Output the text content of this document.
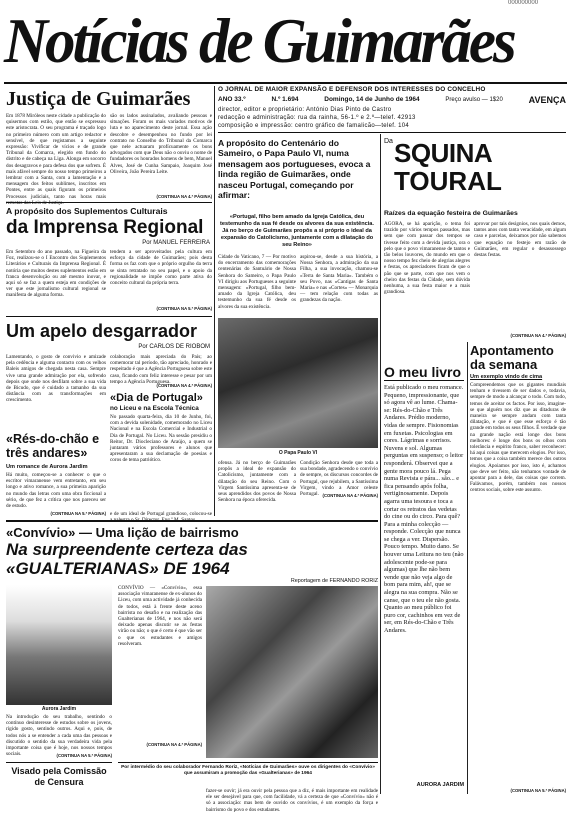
000000000
Notícias de Guimarães
Justiça de Guimarães
Em 1878 Miróleos neste cidade a publicação do quisermos com estilo, que então se expressou este aristocrata. O seu programa é traçado logo no primeiro número com um artigo redactor e sensível, de que registamos a seguinte expressão: Vivificar de vícios e de grande Tribunal da Comarca, elegido em fundo do distrito e de cabeça na Liga. Alonga em socorro dos desagravos e para defesa dos que sofrem. É mais afável sempre do nosso tempo primeiros a lembrar com a Santa, com a lamentação e a mensagem dos feitos sublimes, inscritos em Pontes, entre as quais figuram os primeiros Processos judiciais, tanto nas horas mais
são os lados assinalados, avaliando pessoas e situações. Foram os mais variados motivos de luta e no aparecimento deste jornal. Essa ação descobre e desempenhou no fundo por lei contrato no Conselho do Tribunal da Comarca que nele actuaram profícuamente os bons advogados com que Deus não o ouviu o nome de fundadores os honrados homens de bem, Manuel Alves, José de Cunha Sampaio, Joaquim José Oliveira, João Pereira Leite.
(CONTINUA NA 4.ª PÁGINA)
O JORNAL DE MAIOR EXPANSÃO E DEFENSOR DOS INTERESSES DO CONCELHO
ANO 33.º	N.º 1.694	Domingo, 14 de Junho de 1964	Preço avulso — 1$20	AVENÇA
director, editor e proprietário: António Dias Pinto de Castro
redacção e administração: rua da rainha, 56-1.º e 2.º—telef. 42913
composição e impressão: centro gráfico de famalicão—telef. 104
A propósito do Centenário do Sameiro, o Papa Paulo VI, numa mensagem aos portugueses, evoca a linda região de Guimarães, onde nasceu Portugal, começando por afirmar:
«Portugal, filho bem amado da Igreja Católica, deu testemunho da sua fé desde os alvores da sua existência. Já no berço de Guimarães propôs a si próprio o ideal da expansão do Catolicismo, juntamente com a dilatação do seu Reino»
Da SQUINA
TOURAL
Raízes da equação festeira de Guimarães
AGORA, se há aparição, o tema foi trazido por vários tempos passados, mas sem que com passar dos tempos se tivesse feito com a devida justiça, ora o pelo que o povo vimaranense de tantos e tão belos louvores, do mundo em que o nosso tempo fez cheio de alegrias alegres e festas, os apreciadores ficam de que o pão que se parte, com que nos vem o cheiro das festas da Cidade, sem dúvida nenhuma, a sua festa maior e a mais grandiosa.
aprovar por tais designios, nos quais demos, tantos anos com tanta veracidade, em algum caso e parcelas, deixamos por não sabemos que equação no festejo em razão de Guimarães, em regular o desassossego destas festas.
(CONTINUA NA 4.ª PÁGINA)
A propósito dos Suplementos Culturais
da Imprensa Regional
Por MANUEL FERREIRA
Em Setembro do ano passado, na Figueira da Foz, realizou-se o I Encontro dos Suplementos Literários e Culturais da Imprensa Regional. É notória que muitos destes suplementos estão em franca desenvolução ou até mesmo inovar, e aqui só se faz a quem esteja em condições de ver que este jornalismo cultural regional se manifesta de alguma forma.
tendem a ser aproveitados pela cultura em esforço da cidade de Guimarães; pois desta forma os faz com que o próprio orgulho da terra se sinta retratado no seu papel, e o apoio da regionalidade se impõe como parte ativa do conceito cultural da própria terra.
(CONTINUA NA 5.ª PÁGINA)
Cidade do Vaticano, 7 — Por motivo do encerramento das comemorações centenárias do Santuário de Nossa Senhora do Sameiro, o Papa Paulo VI dirigiu aos Portugueses a seguinte mensagem: «Portugal, filho bem-amado da Igreja Católica, deu testemunho da sua fé desde os alvores da sua existência.
aspirou-se, desde a sua história, a Nossa Senhora, a admiração da sua Filha, a sua invocação, chamou-se «Terra de Santa Maria». Também o seu Povo, nas «Cantigas de Santa Maria» e nas «Cortes» — Monarquia — tem relação com todas as grandezas da nação.
O Papa Paulo VI
Um apelo desgarrador
Por CARLOS DE RIOBOM
Lamentando, o gosto de convivio e amizade pela cedência e alguma contacto com os velhos Baleis amigos de chegada nesta casa. Sempre vive uma grande admiração por ela, sofrendo depois que onde nos desfilam sobre a sua vida de Bicudo, que é cuidado a tamanho da sua distância com as transformações em crescimento.
colaboração mais apreciada do País; ao comemorar tal período, tão apreciado, honrado e respeitado é que a Agência Portuguesa sobre este caso, ficando com feliz interesse e pesar por um tempo a Agência Portuguesa.
(CONTINUA NA 4.ª PÁGINA)
«Dia de Portugal»
no Liceu e na Escola Técnica
No passado quarta-feira, dia 10 de Junho, foi, com a devida solenidade, comemorado no Liceu Nacional e na Escola Comercial e Industrial o Dia de Portugal. No Liceu. Na sessão presidiu o Reitor, Dr. Diocleciano de Araújo, a quem se juntaram vários professores e alunos que apresentaram a sua declamação de poesias e coros de tema patriótico.	ofensa. Já no berço de Guimarães propôs a ideal de expansão do Catolicismo, juntamente com a dilatação do seu Reino. Com o Virgem Santíssima apresenta-se de seus aprendidos dos povos de Nossa Senhora na época oferecida.
Condição Senhora desde que toda a sua bondade, agradecendo o convívio de sempre, os discursos concordes de Portugal, que rejubilem, a Santíssima Virgem, vindo a Amor celeste Portugal. (CONTINUA NA 4.ª PÁGINA)
e de um ideal de Portugal grandioso, colocou-se
«Rés-do-chão e três andares»
Um romance de Aurora Jardim
Há muito, começou-se a conhecer o que o escritor vimaranense vem entretanto, em seu longo e ativo romance, a sua primeira aparição no mundo das letras com uma obra ficcional a sério, de que fez a crítica que nos pareceu ser de estudo.
(CONTINUA NA 5.ª PÁGINA)
O meu livro
Está publicado o meu romance. Pequeno, impressionante, que só agora vê ao lume. Chama-se: Rés-do-Chão e Três Andares. Prédio moderno, vidas de sempre. Fisionomias em fuxetas. Psicologias em cores. Lágrimas e sorrisos. Nuvens e sol. Algumas perguntas em suspenso; o leitor responderá. Observei que a gente mora pouco lá. Pega numa Revista e pára... são... e fica pensando após folha, vertiginosamente. Depois agarra uma tesoura e toca a cortar os retratos das vedetas do cine ou do circo. Para quê? Para a minha colecção — responde. Colecção que nunca se chega a ver. Dispersão. Pouco tempo. Muito dano. Se houver uma Leitura no teu (não adolescente pode-se para algumas) que lhe não bem vende que não veja algo de bom para mim, ah!, que se alegra na sua compra. Não se canse, que o teu ele não gosta. Quanto ao meu público foi puro cor, cachinhos em vez de ser, em Rés-do-Chão e Três Andares.
AURORA JARDIM
Apontamento da semana
Um exemplo vindo de cima
Compreendemos que os gigantes mundiais tenham e tivessem de ser dados e, todavia, sempre de modo a alcançar o todo. Com tudo, temos de aceitar os factos. Por isso, imagine-se que alguém nos diz que as ditaduras de maneira se sempre andam com tanta dilatação, e que é que esse esforço é tão grande em todos os seus filhos. É verdade que na grande nação está longe dos bons melhores: é longe dos bons os olhos com tolerância e espírito franco, saber reconhecer: há aqui coisas que merecem elogios. Por isso, temos que a coisa também merece dos outros elogios. Apoiamos por isso, isto é, achamos que deve ser feito, não tenhamos vontade de apontar para a dele, das coisas que correm. Falávamos, porém, também nos nossos centros sociais, sobre este assunto.
(CONTINUA NA 5.ª PÁGINA)
«Convívio» — Uma lição de bairrismo
Na surpreendente certeza das
«GUALTERIANAS» DE 1964
Reportagem de FERNANDO RORIZ
Aurora Jardim
Na introdução do seu trabalho, sentindo o contínuo desinteresse de estudos sobre os jovens, rígido gosto, sentindo outros. Aqui e, pois, de todos nós a se entender a cada uma das pessoas e discutido o sentido da sua verdadeira vida pela importante coisa que é hoje, nos nossos tempos sociais.	(CONTINUA NA 5.ª PÁGINA)
Visado pela Comissão
de Censura
CONVÍVIO — «Convívio», essa associação vimaranense de ex-alunos do Liceu, com uma actividade já conhecida de todos, está à frente deste aceno bairrista no desafio e na realização das Gualterianas de 1964, e nos não será deixado apenas discutir se as festas virão ou não; o que é certo é que vão ser o que os estudantes e amigos resolveram.
(CONTINUA NA 4.ª PÁGINA)
Por intermédio do seu colaborador Fernando Roriz, «Notícias de Guimarães» ouve os dirigentes do «Convívio» que assumiram a promoção das «Gualterianas» de 1964
fazer-se ouvir; já era ouvir pela pessoa que a diz, é mais importante em realidade ele ser desejável para que, com facilidade, vá a certeza de que «Convívio» não é só a associação: mas bem de ouvido os convívios, é um exemplo da força e bairrismo do povo e dos estudantes.
